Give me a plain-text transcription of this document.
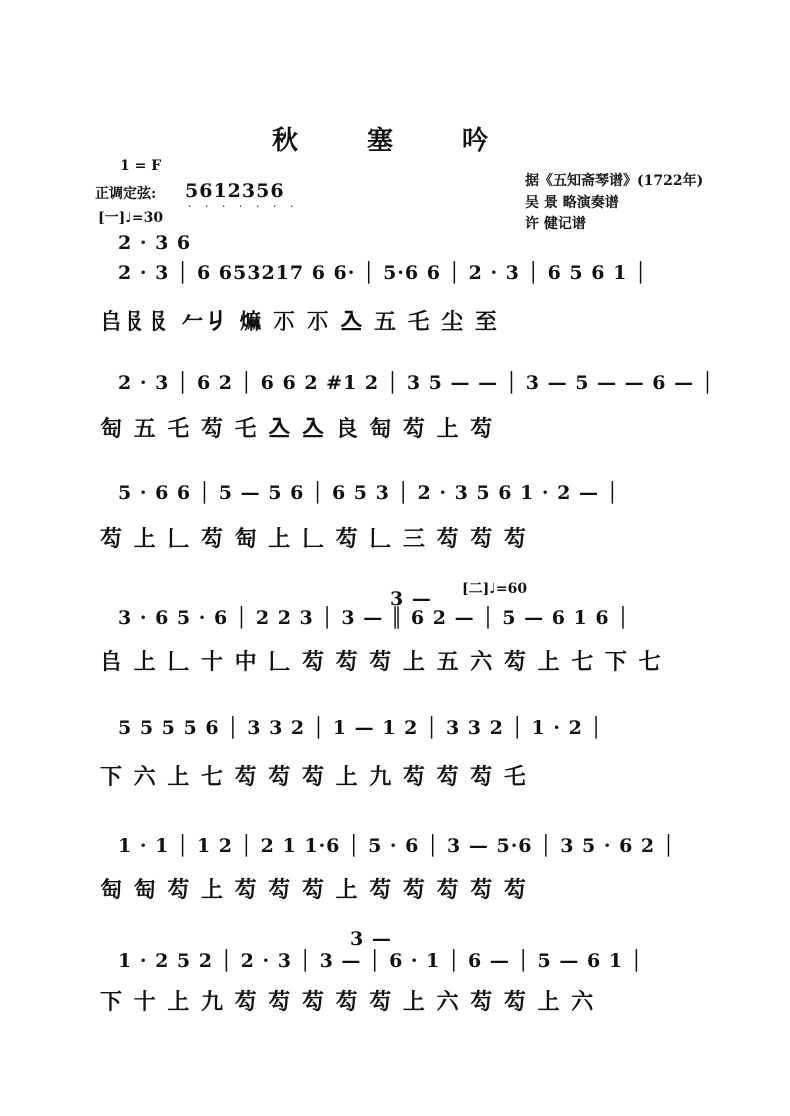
秋 塞 吟
1 = F
正调定弦: 5612356
· · · · · · ·
[一]♩=30
据《五知斋琴谱》(1722年)
吴 景 略演奏谱
许 健记谱
2 · 3 6
2 · 3 │ 6 653217 6 6· │ 5·6 6 │ 2 · 3 │ 6 5 6 1 │
𠂤𠬝𠬝 𠂉𠂈 𤎎 𡭕 𡭕 𠓛 五 乇 尘 至
2 · 3 │ 6 2 │ 6 6 2 #1 2 │ 3 5 — — │ 3 — 5 — — 6 — │
匋 五 乇 芶 乇 𠓛 𠓛 良 匋 芶 上 芶
5 · 6 6 │ 5 — 5 6 │ 6 5 3 │ 2 · 3 5 6 1 · 2 — │
芶 上 𠃊 芶 匋 上 𠃊 芶 𠃊 三 芶 芶 芶
[二]♩=60
3 —
3 · 6 5 · 6 │ 2 2 3 │ 3 — ║ 6 2 — │ 5 — 6 1 6 │
𠂤 上 𠃊 十 中 𠃊 芶 芶 芶 上 五 六 芶 上 七 下 七
5 5 5 5 6 │ 3 3 2 │ 1 — 1 2 │ 3 3 2 │ 1 · 2 │
下 六 上 七 芶 芶 芶 上 九 芶 芶 芶 乇
1 · 1 │ 1 2 │ 2 1 1·6 │ 5 · 6 │ 3 — 5·6 │ 3 5 · 6 2 │
匋 匋 芶 上 芶 芶 芶 上 芶 芶 芶 芶 芶
3 —
1 · 2 5 2 │ 2 · 3 │ 3 — │ 6 · 1 │ 6 — │ 5 — 6 1 │
下 十 上 九 芶 芶 芶 芶 芶 上 六 芶 芶 上 六
